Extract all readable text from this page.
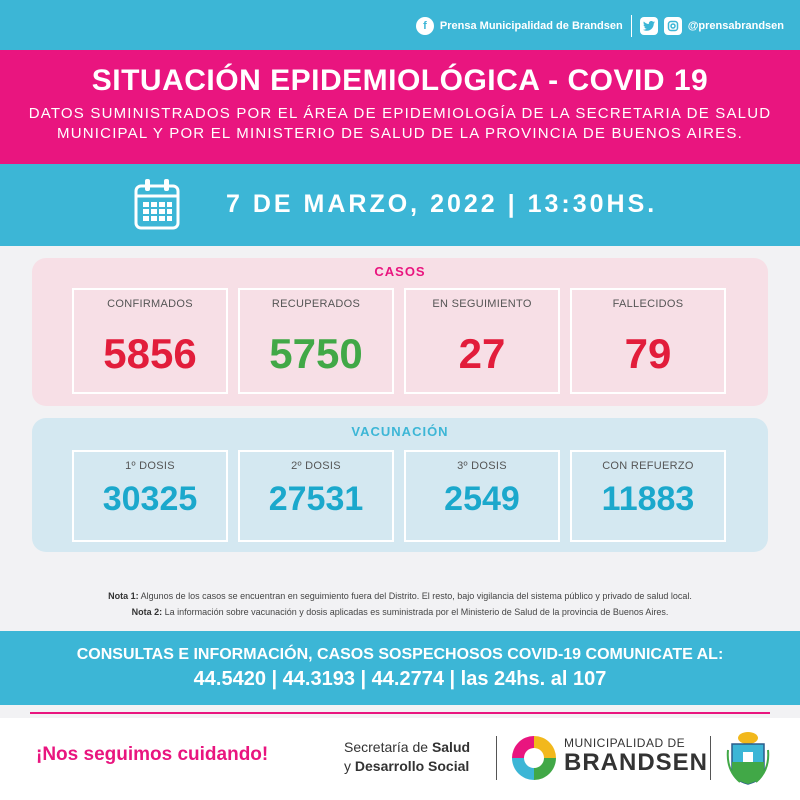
f	Prensa Municipalidad de Brandsen	@prensabrandsen
SITUACIÓN EPIDEMIOLÓGICA - COVID 19
DATOS SUMINISTRADOS POR EL ÁREA DE EPIDEMIOLOGÍA DE LA SECRETARIA DE SALUD
MUNICIPAL Y POR EL MINISTERIO DE SALUD DE LA PROVINCIA DE BUENOS AIRES.
7 DE MARZO, 2022 | 13:30HS.
CASOS
CONFIRMADOS
5856
RECUPERADOS
5750
EN SEGUIMIENTO
27
FALLECIDOS
79
VACUNACIÓN
1º DOSIS
30325
2º DOSIS
27531
3º DOSIS
2549
CON REFUERZO
11883
Nota 1: Algunos de los casos se encuentran en seguimiento fuera del Distrito. El resto, bajo vigilancia del sistema público y privado de salud local.
Nota 2: La información sobre vacunación y dosis aplicadas es suministrada por el Ministerio de Salud de la provincia de Buenos Aires.
CONSULTAS E INFORMACIÓN, CASOS SOSPECHOSOS COVID-19 COMUNICATE AL:
44.5420 | 44.3193 | 44.2774 | las 24hs. al 107
¡Nos seguimos cuidando!	Secretaría de Salud
y Desarrollo Social
MUNICIPALIDAD DE
BRANDSEN
